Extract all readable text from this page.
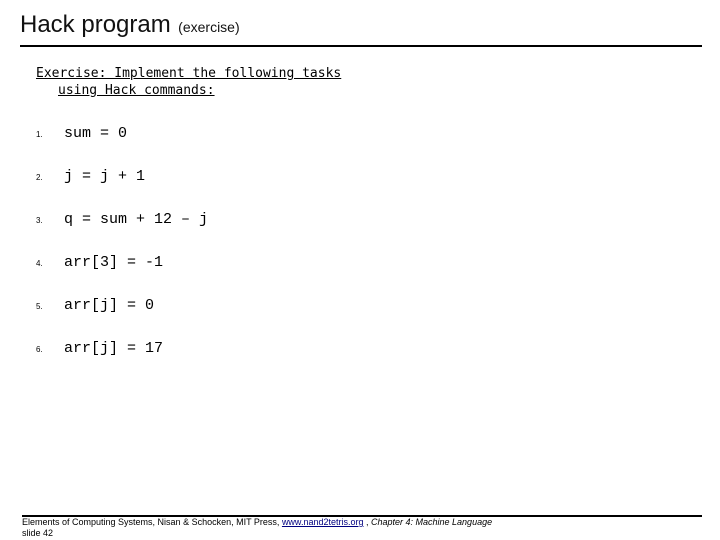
Hack program (exercise)
Exercise: Implement the following tasks
using Hack commands:
1. sum = 0
2. j = j + 1
3. q = sum + 12 – j
4. arr[3] = -1
5. arr[j] = 0
6. arr[j] = 17
Elements of Computing Systems, Nisan & Schocken, MIT Press, www.nand2tetris.org , Chapter 4: Machine Language
slide 42
